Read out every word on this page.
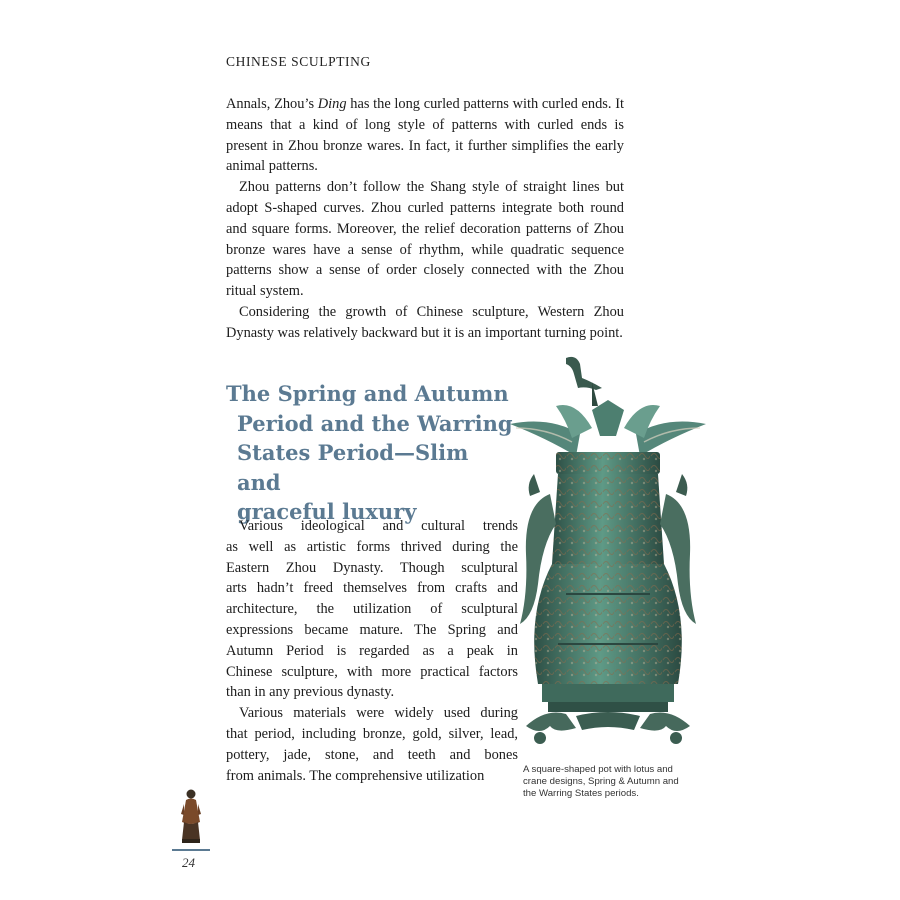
CHINESE SCULPTING

Annals, Zhou’s Ding has the long curled patterns with curled ends. It means that a kind of long style of patterns with curled ends is present in Zhou bronze wares. In fact, it further simplifies the early animal patterns.

Zhou patterns don’t follow the Shang style of straight lines but adopt S-shaped curves. Zhou curled patterns integrate both round and square forms. Moreover, the relief decoration patterns of Zhou bronze wares have a sense of rhythm, while quadratic sequence patterns show a sense of order closely connected with the Zhou ritual system.

Considering the growth of Chinese sculpture, Western Zhou Dynasty was relatively backward but it is an important turning point.

The Spring and Autumn
Period and the Warring
States Period—Slim and
graceful luxury
Various ideological and cultural trends
as well as artistic forms thrived during the
Eastern Zhou Dynasty. Though sculptural
arts hadn’t freed themselves from crafts and
architecture, the utilization of sculptural
expressions became mature. The Spring and
Autumn Period is regarded as a peak in
Chinese sculpture, with more practical factors
than in any previous dynasty.
Various materials were widely used during
that period, including bronze, gold, silver, lead,
pottery, jade, stone, and teeth and bones
from animals. The comprehensive utilization	A square-shaped pot with lotus and crane designs, Spring & Autumn and the Warring States periods.
24
